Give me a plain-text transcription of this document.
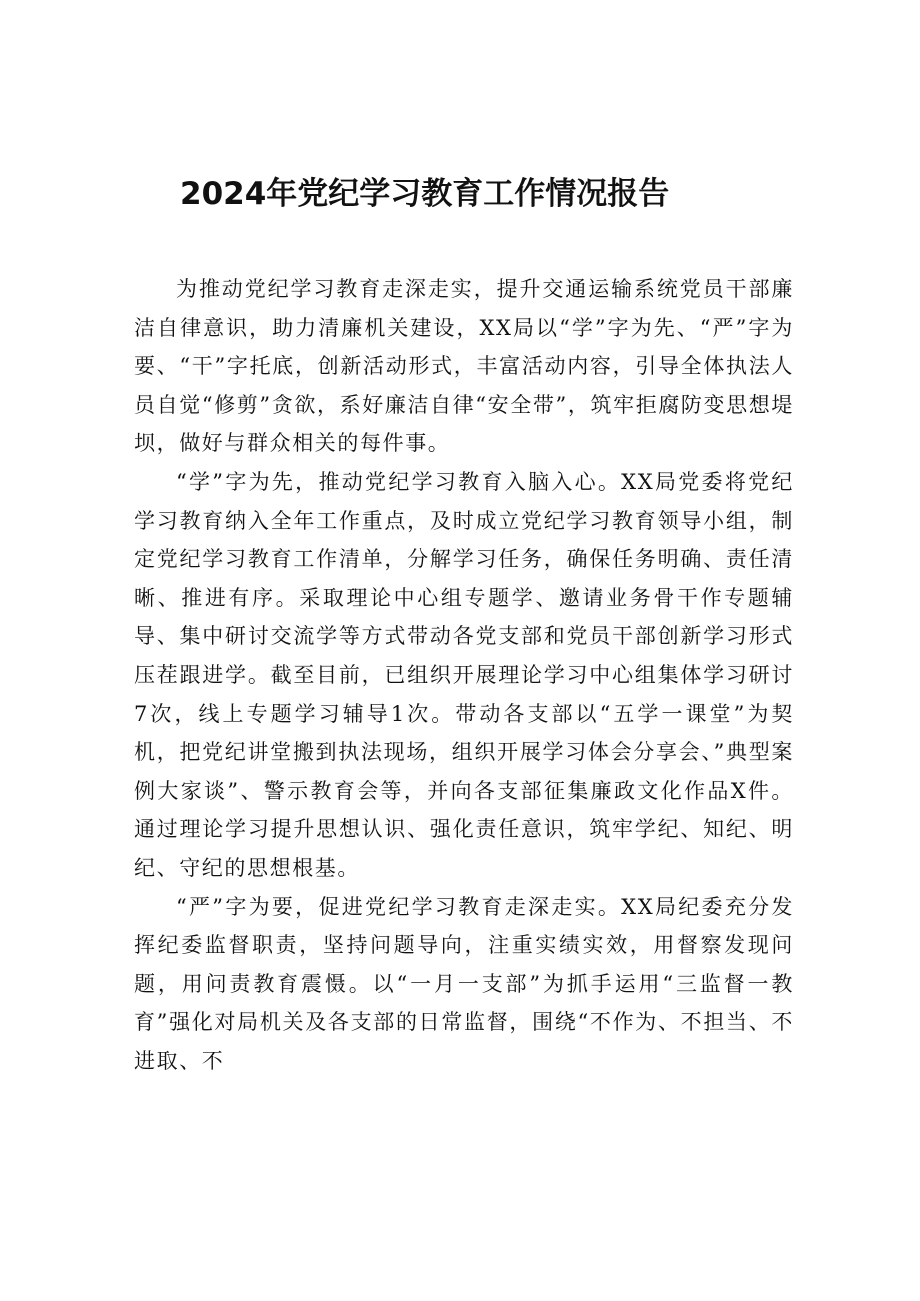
2024年党纪学习教育工作情况报告

为推动党纪学习教育走深走实，提升交通运输系统党员干部廉洁自律意识，助力清廉机关建设，XX局以“学”字为先、“严”字为要、“干”字托底，创新活动形式，丰富活动内容，引导全体执法人员自觉“修剪”贪欲，系好廉洁自律“安全带”，筑牢拒腐防变思想堤坝，做好与群众相关的每件事。

“学”字为先，推动党纪学习教育入脑入心。XX局党委将党纪学习教育纳入全年工作重点，及时成立党纪学习教育领导小组，制定党纪学习教育工作清单，分解学习任务，确保任务明确、责任清晰、推进有序。采取理论中心组专题学、邀请业务骨干作专题辅导、集中研讨交流学等方式带动各党支部和党员干部创新学习形式压茬跟进学。截至目前，已组织开展理论学习中心组集体学习研讨7次，线上专题学习辅导1次。带动各支部以“五学一课堂”为契机，把党纪讲堂搬到执法现场，组织开展学习体会分享会、”典型案例大家谈”、警示教育会等，并向各支部征集廉政文化作品X件。通过理论学习提升思想认识、强化责任意识，筑牢学纪、知纪、明纪、守纪的思想根基。

“严”字为要，促进党纪学习教育走深走实。XX局纪委充分发挥纪委监督职责，坚持问题导向，注重实绩实效，用督察发现问题，用问责教育震慑。以“一月一支部”为抓手运用“三监督一教育”强化对局机关及各支部的日常监督，围绕“不作为、不担当、不进取、不
